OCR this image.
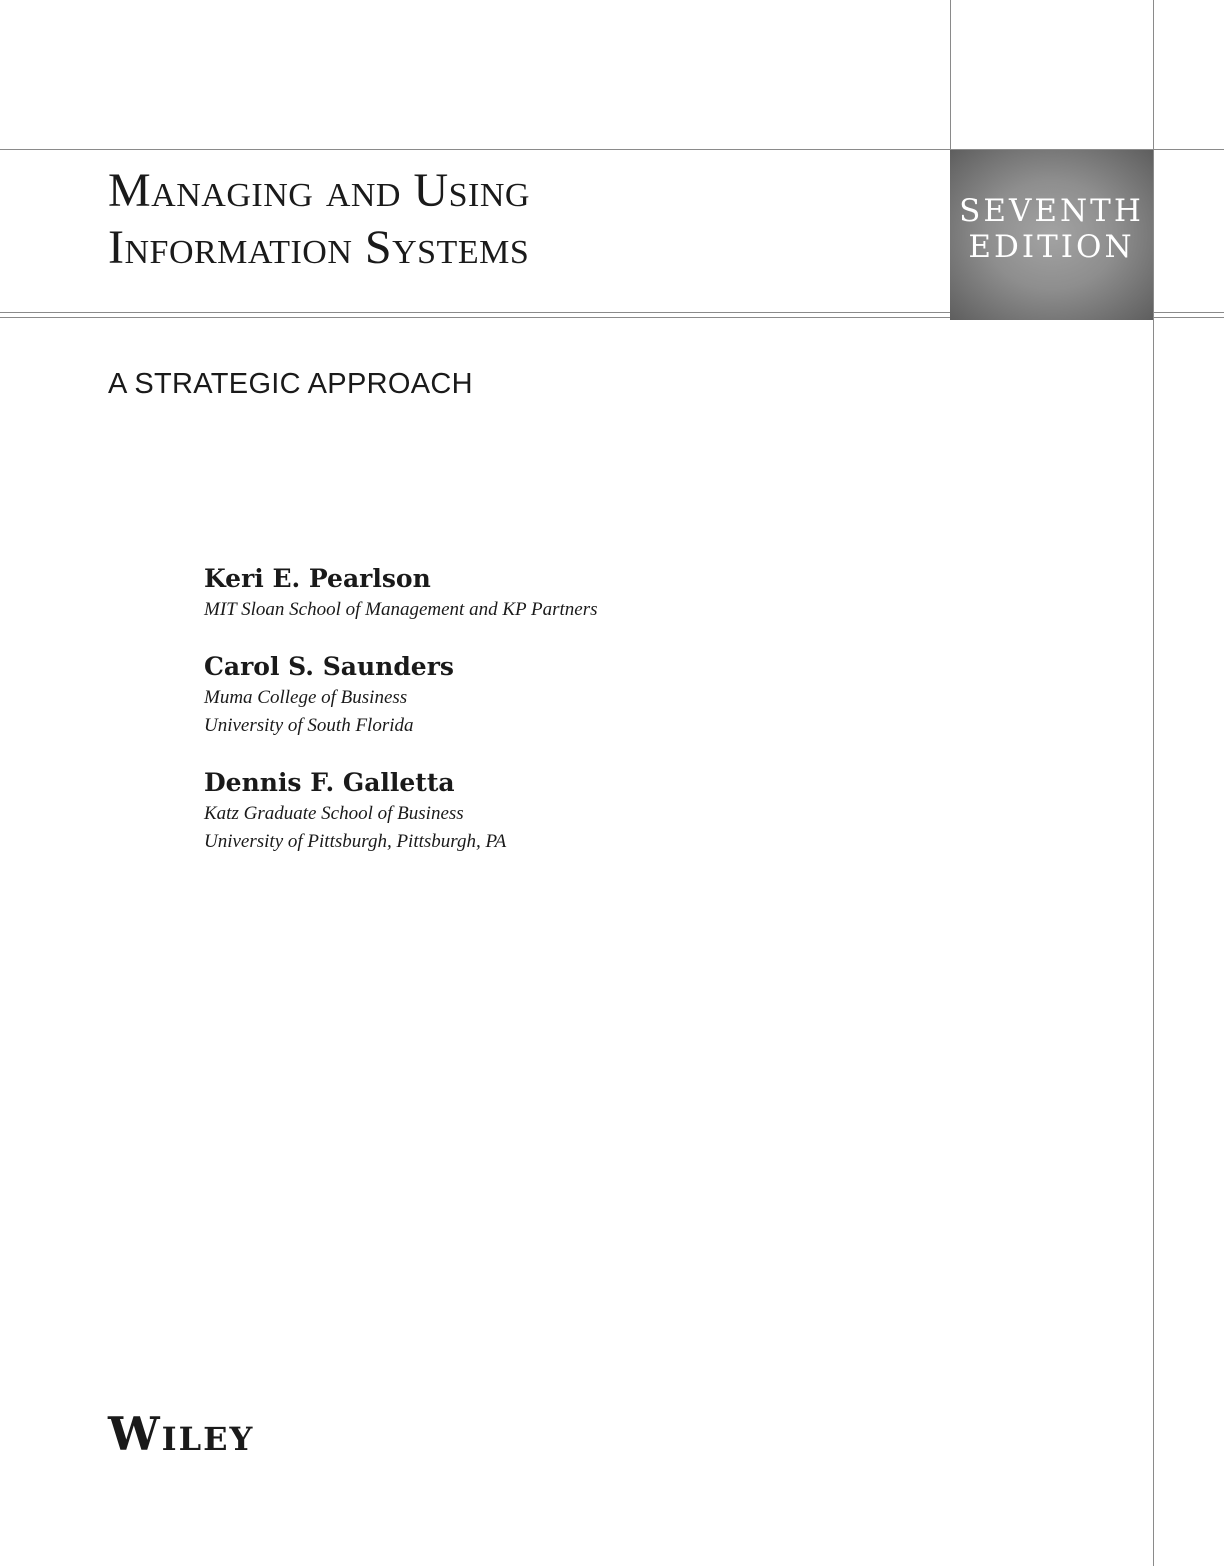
SEVENTH
EDITION
Managing and Using
Information Systems
A STRATEGIC APPROACH
Keri E. Pearlson
MIT Sloan School of Management and KP Partners
Carol S. Saunders
Muma College of Business
University of South Florida
Dennis F. Galletta
Katz Graduate School of Business
University of Pittsburgh, Pittsburgh, PA
Wiley
